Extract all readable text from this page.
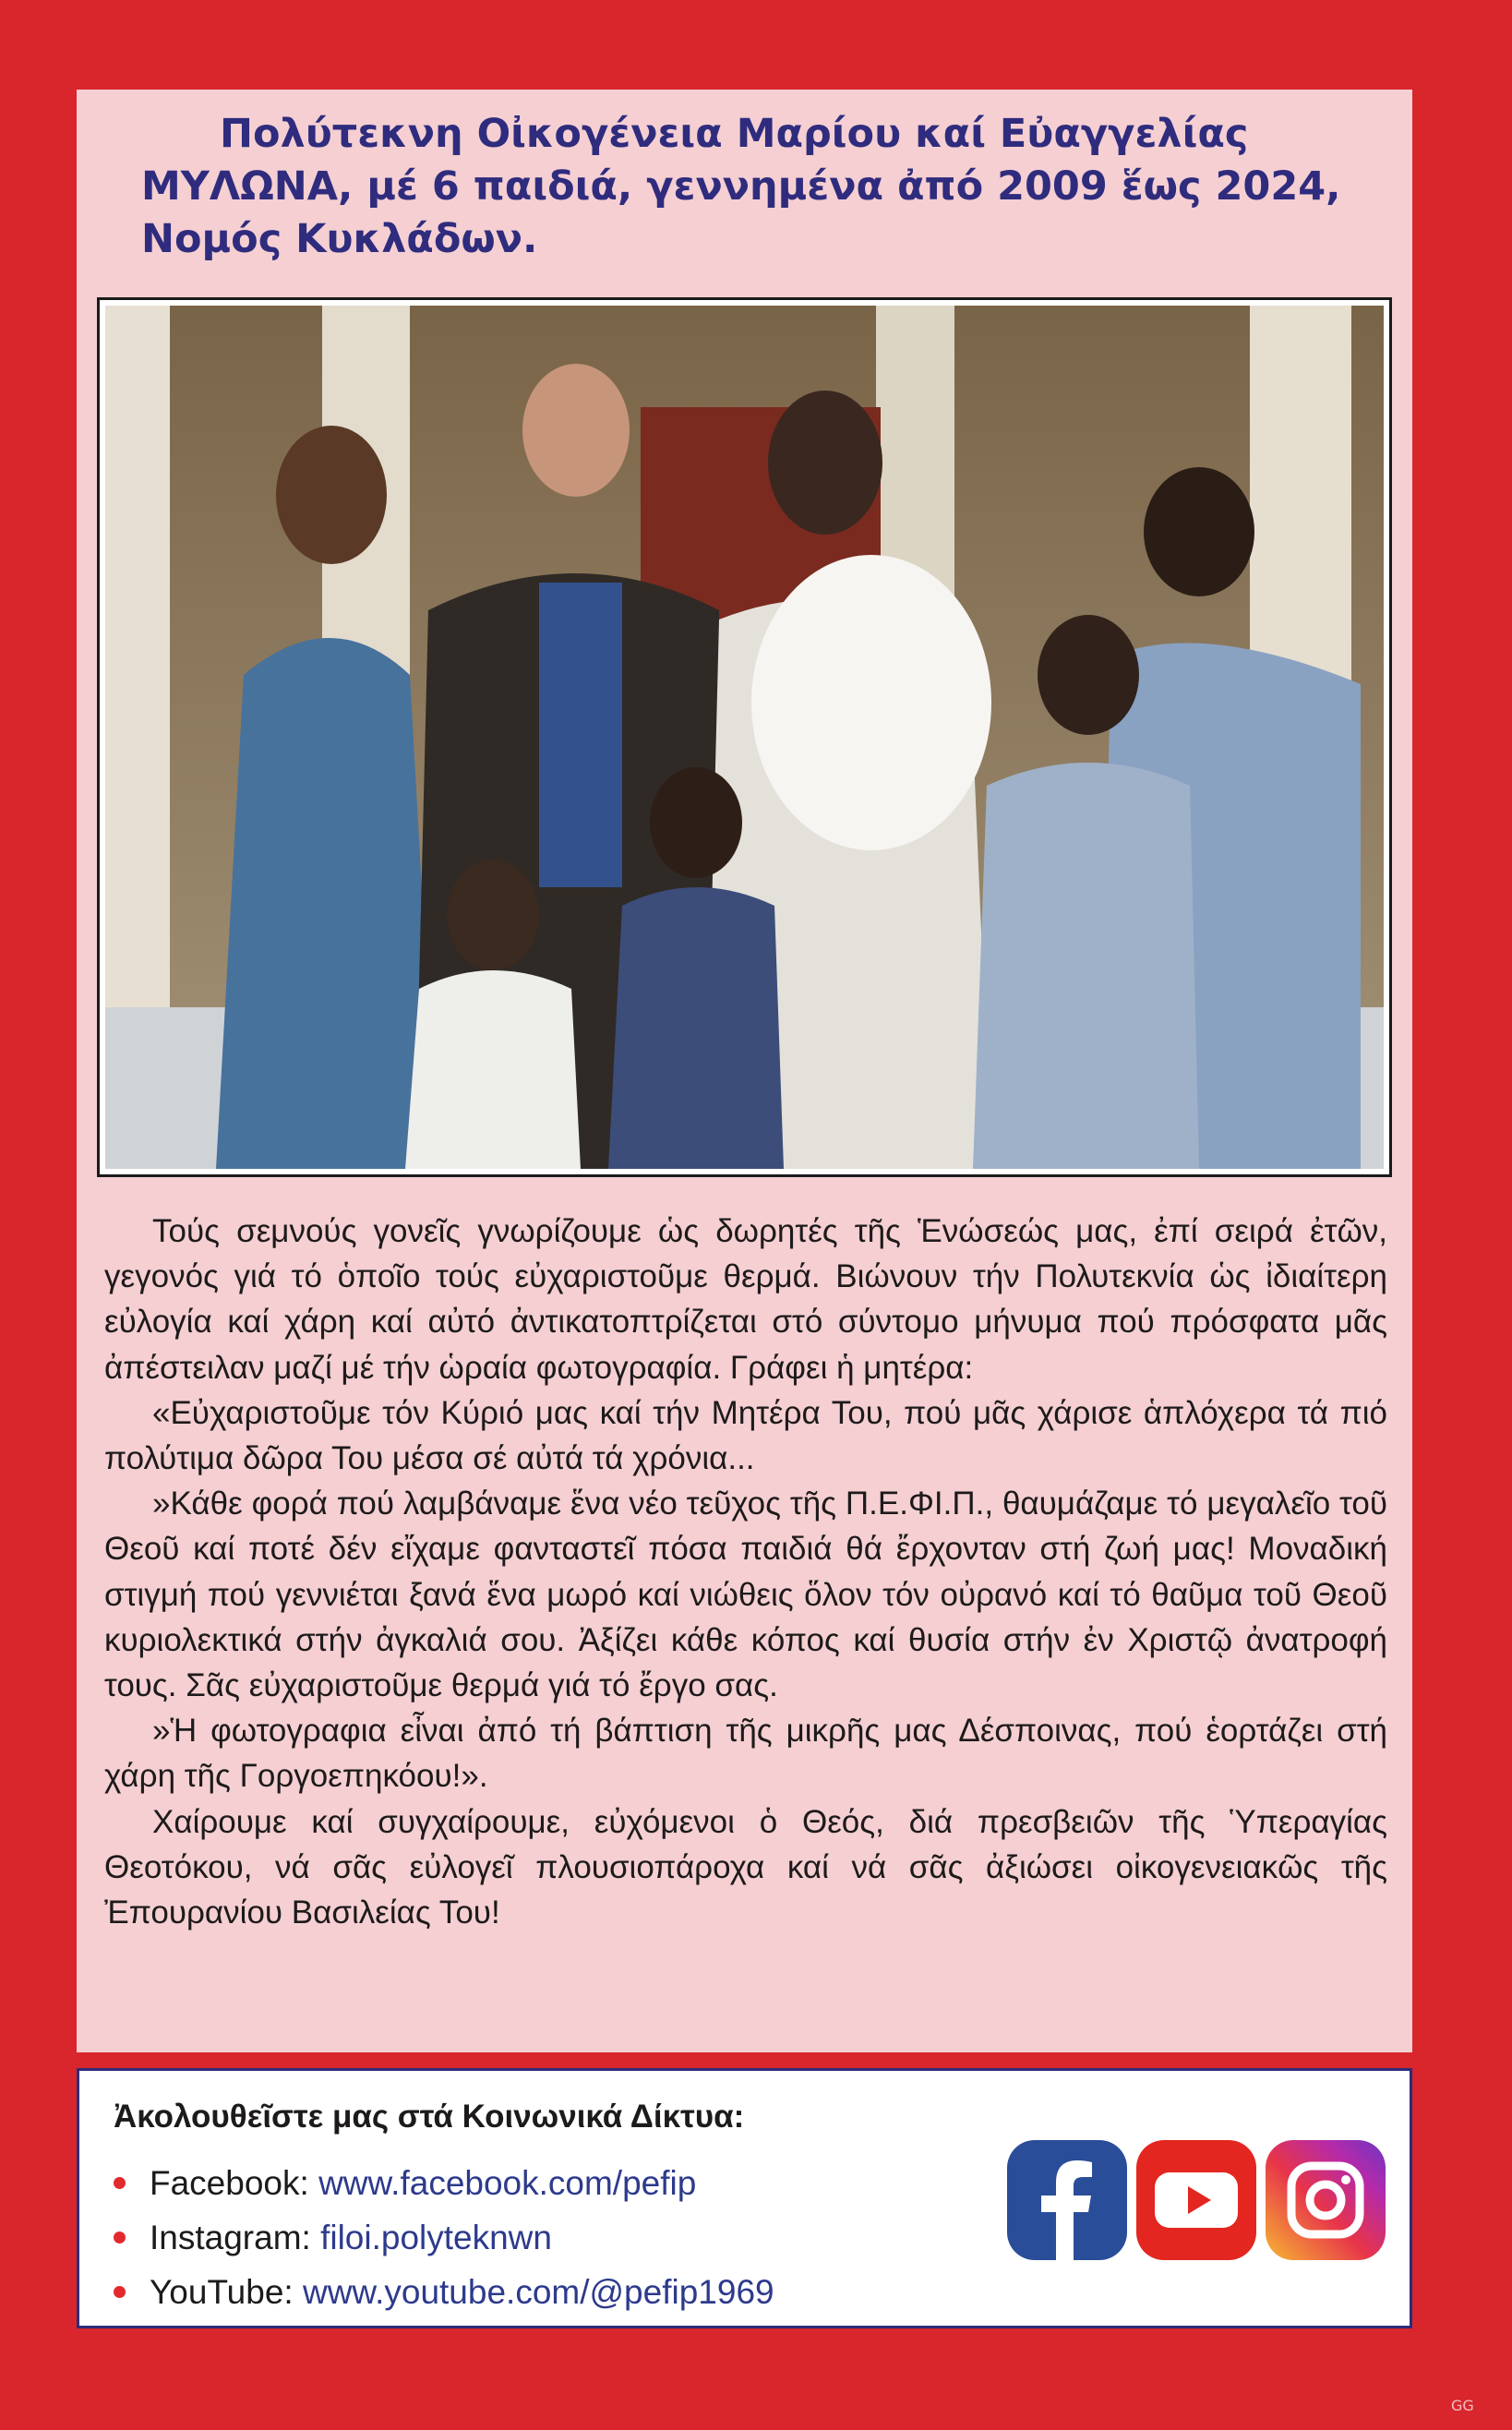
Πολύτεκνη Οἰκογένεια Μαρίου καί Εὐαγγελίας ΜΥΛΩΝΑ, μέ 6 παιδιά, γεννημένα ἀπό 2009 ἕως 2024, Νομός Κυκλάδων.

Τούς σεμνούς γονεῖς γνωρίζουμε ὡς δωρητές τῆς Ἑνώσεώς μας, ἐπί σειρά ἐτῶν, γεγονός γιά τό ὁποῖο τούς εὐχαριστοῦμε θερμά. Βιώνουν τήν Πολυτεκνία ὡς ἰδιαίτερη εὐλογία καί χάρη καί αὐτό ἀντικατοπτρίζεται στό σύντομο μήνυμα πού πρόσφατα μᾶς ἀπέστειλαν μαζί μέ τήν ὡραία φωτογραφία. Γράφει ἡ μητέρα:

«Εὐχαριστοῦμε τόν Κύριό μας καί τήν Μητέρα Του, πού μᾶς χάρισε ἁπλόχερα τά πιό πολύτιμα δῶρα Του μέσα σέ αὐτά τά χρόνια...

»Κάθε φορά πού λαμβάναμε ἕνα νέο τεῦχος τῆς Π.Ε.ΦΙ.Π., θαυμάζαμε τό μεγαλεῖο τοῦ Θεοῦ καί ποτέ δέν εἴχαμε φανταστεῖ πόσα παιδιά θά ἔρχονταν στή ζωή μας! Μοναδική στιγμή πού γεννιέται ξανά ἕνα μωρό καί νιώθεις ὅλον τόν οὐρανό καί τό θαῦμα τοῦ Θεοῦ κυριολεκτικά στήν ἀγκαλιά σου. Ἀξίζει κάθε κόπος καί θυσία στήν ἐν Χριστῷ ἀνατροφή τους. Σᾶς εὐχαριστοῦμε θερμά γιά τό ἔργο σας.

»Ἡ φωτογραφια εἶναι ἀπό τή βάπτιση τῆς μικρῆς μας Δέσποινας, πού ἑορτάζει στή χάρη τῆς Γοργοεπηκόου!».

Χαίρουμε καί συγχαίρουμε, εὐχόμενοι ὁ Θεός, διά πρεσβειῶν τῆς Ὑπεραγίας Θεοτόκου, νά σᾶς εὐλογεῖ πλουσιοπάροχα καί νά σᾶς ἀξιώσει οἰκογενειακῶς τῆς Ἐπουρανίου Βασιλείας Του!

Ἀκολουθεῖστε μας στά Κοινωνικά Δίκτυα:
Facebook: www.facebook.com/pefip
Instagram: filoi.polyteknwn
YouTube: www.youtube.com/@pefip1969
GG
